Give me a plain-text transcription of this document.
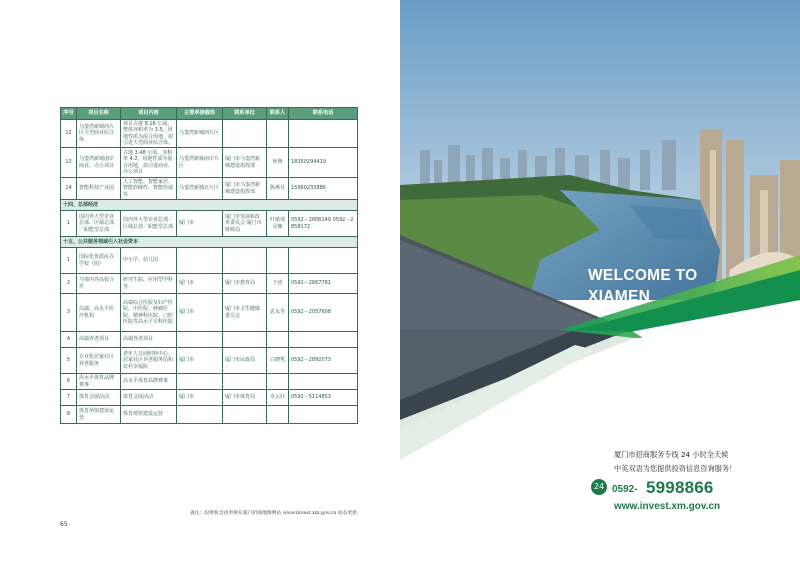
序号	项目名称	项目内容	主要承接载体	联系单位	联系人	联系电话
12	马銮湾新城西片区大型商业综合体	项目占地 8.16 公顷，整体容积率为 3.5，用地性质为混合用地，拟引进大型商业综合体。	马銮湾新城西片区			
13	马銮湾新城南岸商业、办公项目	占地 3.48 公顷，容积率 4.2，用地性质为混合用地，拟引进商业、办公项目	马銮湾新城南岸片区	厦门市马銮湾新城建设指挥部	何燕	18350294419
14	智能科技产业园	人工智能、智能家居、智能软硬件、智能终端等	马銮湾新城北片区	厦门市马銮湾新城建设指挥部	陈燕芬	15960233886
十四、总部经济						
1	国内外大型企业总部／区域总部／职能型总部	国内外大型企业总部／区域总部／职能型总部	厦门市	厦门市发展和改革委员会 厦门市财政局	叶敏琦 吴慷	0592－2806149 0592－2858172
十五、公共服务领域引入社会资本						
1	国际化优质民办学校（园）	中小学、幼儿园				
2	与境内外高校合作	研究生院、应用型学科等	厦门市	厦门市教育局	于涛	0592－2867781
3	高端、高水平医疗机构	高端综合医院及妇产医院、中医院、肿瘤医院、精神科医院、口腔医院等高水平专科医院	厦门市	厦门市卫生健康委员会	袁永寿	0592－2057608
4	高端养老项目	高端养老项目				
5	专业化居家社区养老服务	老年人日间照料中心、居家社区养老服务站和农村幸福院	厦门市	厦门市民政局	白晓隽	0592－2892073
6	高水平体育品牌赛事	高水平体育品牌赛事				
7	体育会展活动	体育会展活动	厦门市	厦门市体育局	卓云妤	0592－5114853
8	体育场馆建设运营	体育场馆建设运营				
备注：投资机会清单将在厦门招商地图网站 www.invest.xm.gov.cn 动态更新
65
WELCOME TO
XIAMEN
厦门市招商服务专线 24 小时全天候
中英双语为您提供投资信息咨询服务！
24 0592- 5998866
www.invest.xm.gov.cn
